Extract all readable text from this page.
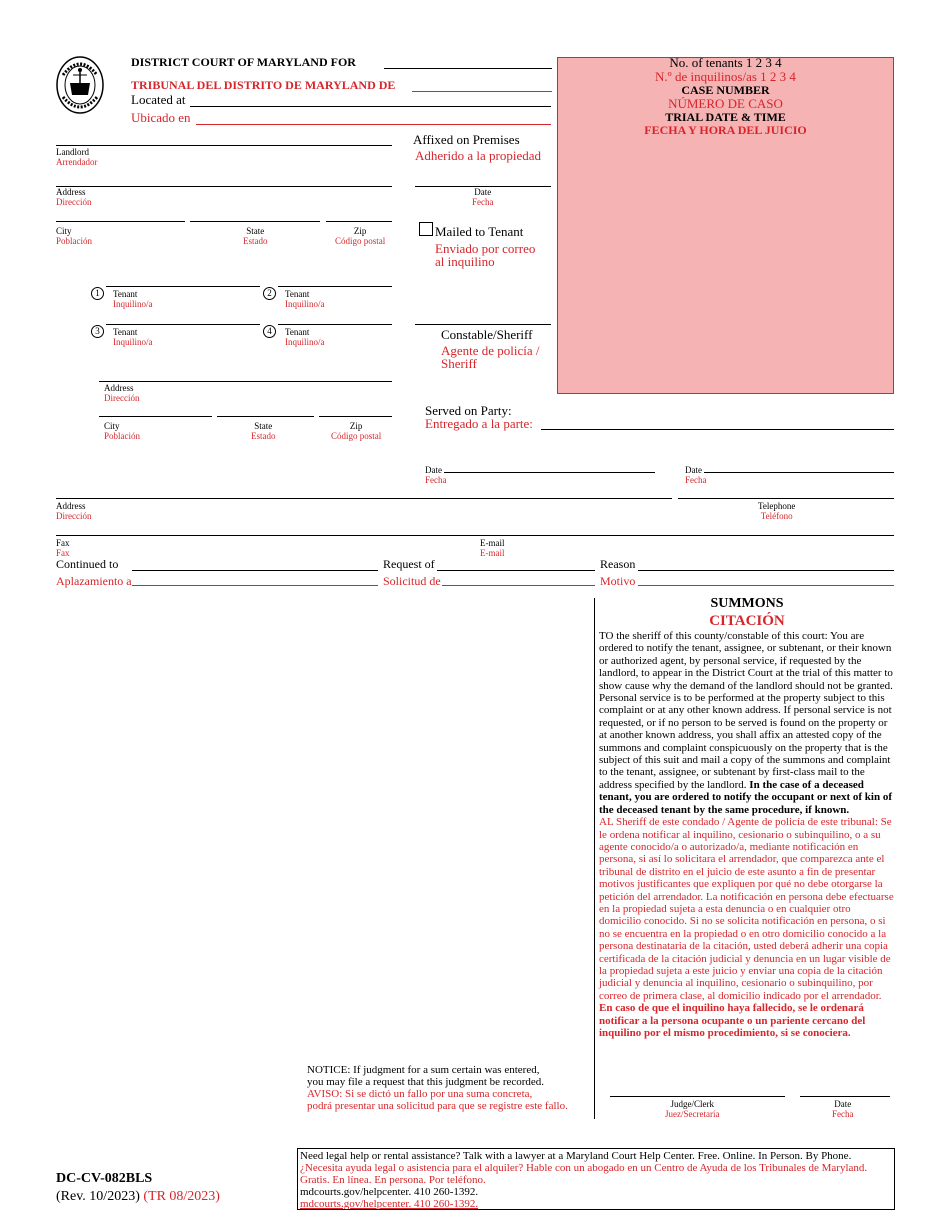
DISTRICT COURT OF MARYLAND FOR
TRIBUNAL DEL DISTRITO DE MARYLAND DE
Located at
Ubicado en
No. of tenants 1 2 3 4
N.º de inquilinos/as 1 2 3 4
CASE NUMBER
NÚMERO DE CASO
TRIAL DATE & TIME
FECHA Y HORA DEL JUICIO
Landlord
Arrendador
Address
Dirección
City
Población
State
Estado
Zip
Código postal
1	Tenant
Inquilino/a
2	Tenant
Inquilino/a
3	Tenant
Inquilino/a
4	Tenant
Inquilino/a
Address
Dirección
City
Población
State
Estado
Zip
Código postal
Affixed on Premises
Adherido a la propiedad
Date
Fecha
Mailed to Tenant
Enviado por correo
al inquilino
Constable/Sheriff
Agente de policía /
Sheriff
Served on Party:
Entregado a la parte:
Date
Fecha
Date
Fecha
Address
Dirección
Telephone
Teléfono
Fax
Fax
E-mail
E-mail
Continued to
Aplazamiento a
Request of
Solicitud de
Reason
Motivo
SUMMONS
CITACIÓN
TO the sheriff of this county/constable of this court: You are ordered to notify the tenant, assignee, or subtenant, or their known or authorized agent, by personal service, if requested by the landlord, to appear in the District Court at the trial of this matter to show cause why the demand of the landlord should not be granted. Personal service is to be performed at the property subject to this complaint or at any other known address. If personal service is not requested, or if no person to be served is found on the property or at another known address, you shall affix an attested copy of the summons and complaint conspicuously on the property that is the subject of this suit and mail a copy of the summons and complaint to the tenant, assignee, or subtenant by first-class mail to the address specified by the landlord. In the case of a deceased tenant, you are ordered to notify the occupant or next of kin of the deceased tenant by the same procedure, if known.
AL Sheriff de este condado / Agente de policía de este tribunal: Se le ordena notificar al inquilino, cesionario o subinquilino, o a su agente conocido/a o autorizado/a, mediante notificación en persona, si así lo solicitara el arrendador, que comparezca ante el tribunal de distrito en el juicio de este asunto a fin de presentar motivos justificantes que expliquen por qué no debe otorgarse la petición del arrendador. La notificación en persona debe efectuarse en la propiedad sujeta a esta denuncia o en cualquier otro domicilio conocido. Si no se solicita notificación en persona, o si no se encuentra en la propiedad o en otro domicilio conocido a la persona destinataria de la citación, usted deberá adherir una copia certificada de la citación judicial y denuncia en un lugar visible de la propiedad sujeta a este juicio y enviar una copia de la citación judicial y denuncia al inquilino, cesionario o subinquilino, por correo de primera clase, al domicilio indicado por el arrendador. En caso de que el inquilino haya fallecido, se le ordenará notificar a la persona ocupante o un pariente cercano del inquilino por el mismo procedimiento, si se conociera.
Judge/Clerk
Juez/Secretaría
Date
Fecha
NOTICE: If judgment for a sum certain was entered,
you may file a request that this judgment be recorded.
AVISO: Si se dictó un fallo por una suma concreta,
podrá presentar una solicitud para que se registre este fallo.
DC-CV-082BLS
(Rev. 10/2023) (TR 08/2023)
Need legal help or rental assistance? Talk with a lawyer at a Maryland Court Help Center. Free. Online. In Person. By Phone.
¿Necesita ayuda legal o asistencia para el alquiler? Hable con un abogado en un Centro de Ayuda de los Tribunales de Maryland. Gratis. En línea. En persona. Por teléfono.
mdcourts.gov/helpcenter. 410 260-1392.
mdcourts.gov/helpcenter. 410 260-1392.
